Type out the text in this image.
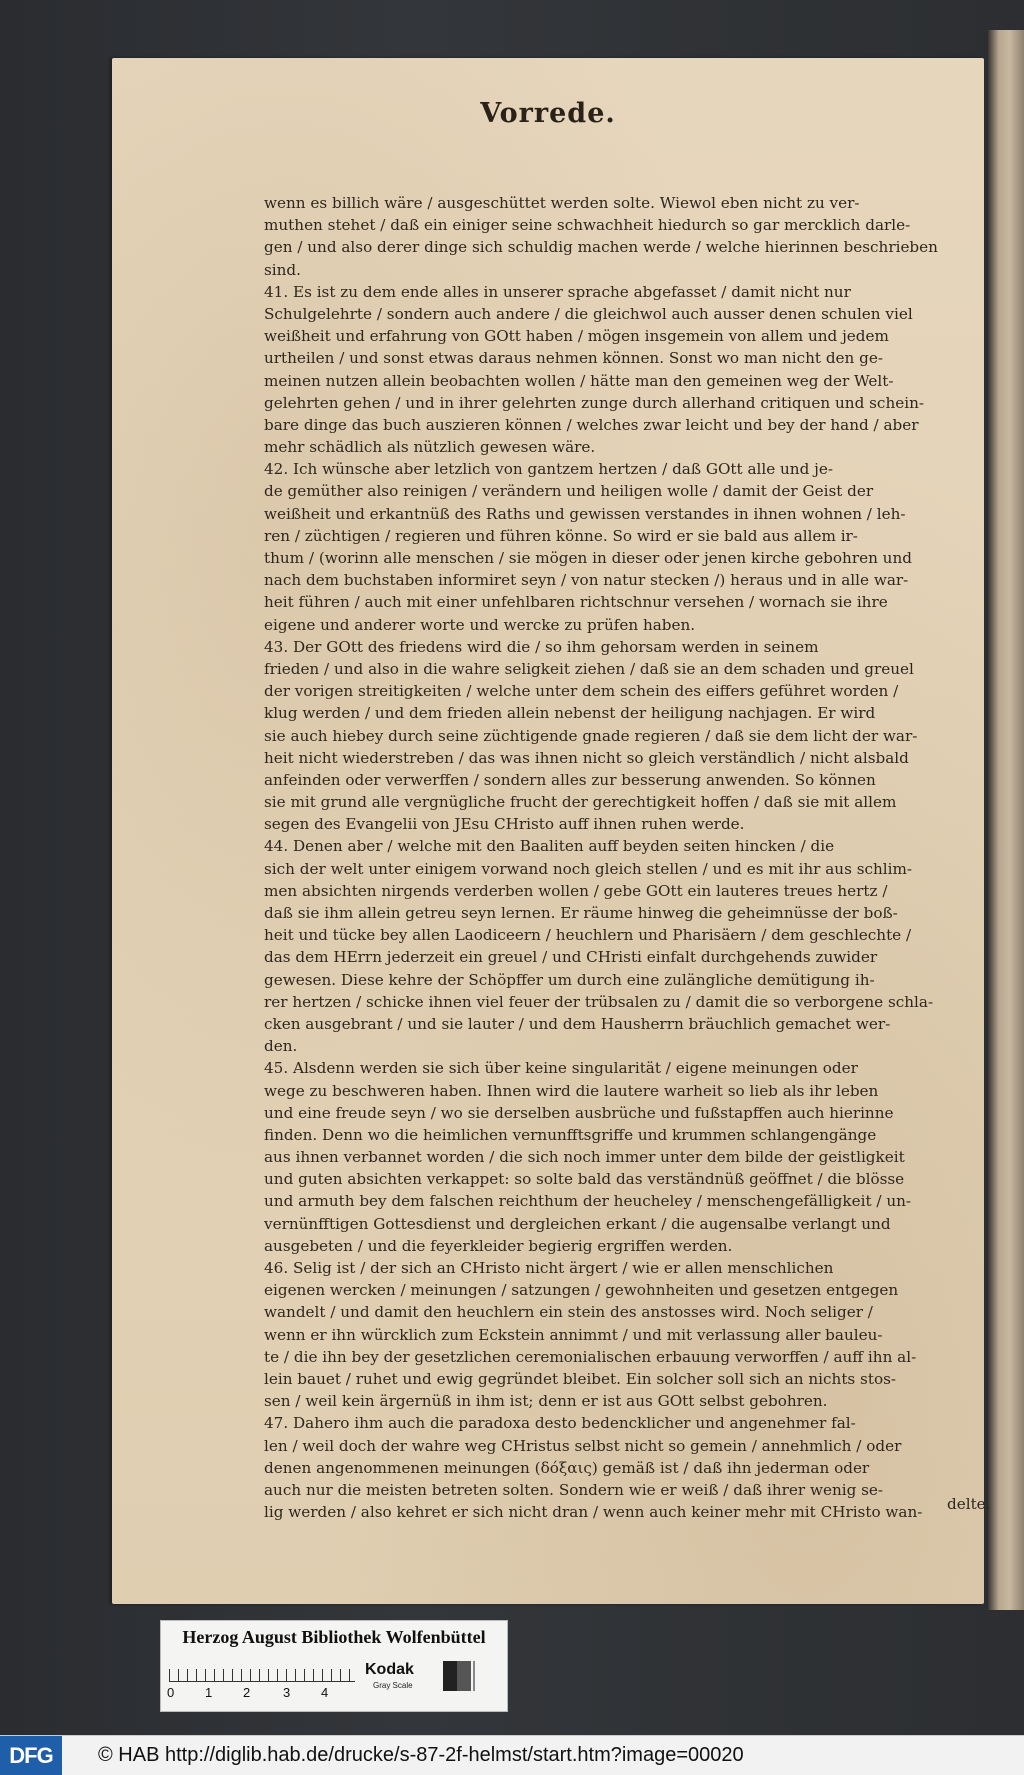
Vorrede.
wenn es billich wäre / ausgeschüttet werden solte. Wiewol eben nicht zu ver-
muthen stehet / daß ein einiger seine schwachheit hiedurch so gar mercklich darle-
gen / und also derer dinge sich schuldig machen werde / welche hierinnen beschrieben
sind.
41. Es ist zu dem ende alles in unserer sprache abgefasset / damit nicht nur
Schulgelehrte / sondern auch andere / die gleichwol auch ausser denen schulen viel
weißheit und erfahrung von GOtt haben / mögen insgemein von allem und jedem
urtheilen / und sonst etwas daraus nehmen können. Sonst wo man nicht den ge-
meinen nutzen allein beobachten wollen / hätte man den gemeinen weg der Welt-
gelehrten gehen / und in ihrer gelehrten zunge durch allerhand critiquen und schein-
bare dinge das buch auszieren können / welches zwar leicht und bey der hand / aber
mehr schädlich als nützlich gewesen wäre.
42. Ich wünsche aber letzlich von gantzem hertzen / daß GOtt alle und je-
de gemüther also reinigen / verändern und heiligen wolle / damit der Geist der
weißheit und erkantnüß des Raths und gewissen verstandes in ihnen wohnen / leh-
ren / züchtigen / regieren und führen könne. So wird er sie bald aus allem ir-
thum / (worinn alle menschen / sie mögen in dieser oder jenen kirche gebohren und
nach dem buchstaben informiret seyn / von natur stecken /) heraus und in alle war-
heit führen / auch mit einer unfehlbaren richtschnur versehen / wornach sie ihre
eigene und anderer worte und wercke zu prüfen haben.
43. Der GOtt des friedens wird die / so ihm gehorsam werden in seinem
frieden / und also in die wahre seligkeit ziehen / daß sie an dem schaden und greuel
der vorigen streitigkeiten / welche unter dem schein des eiffers geführet worden /
klug werden / und dem frieden allein nebenst der heiligung nachjagen. Er wird
sie auch hiebey durch seine züchtigende gnade regieren / daß sie dem licht der war-
heit nicht wiederstreben / das was ihnen nicht so gleich verständlich / nicht alsbald
anfeinden oder verwerffen / sondern alles zur besserung anwenden. So können
sie mit grund alle vergnügliche frucht der gerechtigkeit hoffen / daß sie mit allem
segen des Evangelii von JEsu CHristo auff ihnen ruhen werde.
44. Denen aber / welche mit den Baaliten auff beyden seiten hincken / die
sich der welt unter einigem vorwand noch gleich stellen / und es mit ihr aus schlim-
men absichten nirgends verderben wollen / gebe GOtt ein lauteres treues hertz /
daß sie ihm allein getreu seyn lernen. Er räume hinweg die geheimnüsse der boß-
heit und tücke bey allen Laodiceern / heuchlern und Pharisäern / dem geschlechte /
das dem HErrn jederzeit ein greuel / und CHristi einfalt durchgehends zuwider
gewesen. Diese kehre der Schöpffer um durch eine zulängliche demütigung ih-
rer hertzen / schicke ihnen viel feuer der trübsalen zu / damit die so verborgene schla-
cken ausgebrant / und sie lauter / und dem Hausherrn bräuchlich gemachet wer-
den.
45. Alsdenn werden sie sich über keine singularität / eigene meinungen oder
wege zu beschweren haben. Ihnen wird die lautere warheit so lieb als ihr leben
und eine freude seyn / wo sie derselben ausbrüche und fußstapffen auch hierinne
finden. Denn wo die heimlichen vernunfftsgriffe und krummen schlangengänge
aus ihnen verbannet worden / die sich noch immer unter dem bilde der geistligkeit
und guten absichten verkappet: so solte bald das verständnüß geöffnet / die blösse
und armuth bey dem falschen reichthum der heucheley / menschengefälligkeit / un-
vernünfftigen Gottesdienst und dergleichen erkant / die augensalbe verlangt und
ausgebeten / und die feyerkleider begierig ergriffen werden.
46. Selig ist / der sich an CHristo nicht ärgert / wie er allen menschlichen
eigenen wercken / meinungen / satzungen / gewohnheiten und gesetzen entgegen
wandelt / und damit den heuchlern ein stein des anstosses wird. Noch seliger /
wenn er ihn würcklich zum Eckstein annimmt / und mit verlassung aller bauleu-
te / die ihn bey der gesetzlichen ceremonialischen erbauung verworffen / auff ihn al-
lein bauet / ruhet und ewig gegründet bleibet. Ein solcher soll sich an nichts stos-
sen / weil kein ärgernüß in ihm ist; denn er ist aus GOtt selbst gebohren.
47. Dahero ihm auch die paradoxa desto bedencklicher und angenehmer fal-
len / weil doch der wahre weg CHristus selbst nicht so gemein / annehmlich / oder
denen angenommenen meinungen (δόξαις) gemäß ist / daß ihn jederman oder
auch nur die meisten betreten solten. Sondern wie er weiß / daß ihrer wenig se-
lig werden / also kehret er sich nicht dran / wenn auch keiner mehr mit CHristo wan-	delte.
Herzog August Bibliothek Wolfenbüttel
0 1 2	3 4
Kodak
Gray Scale
DFG	© HAB http://diglib.hab.de/drucke/s-87-2f-helmst/start.htm?image=00020
